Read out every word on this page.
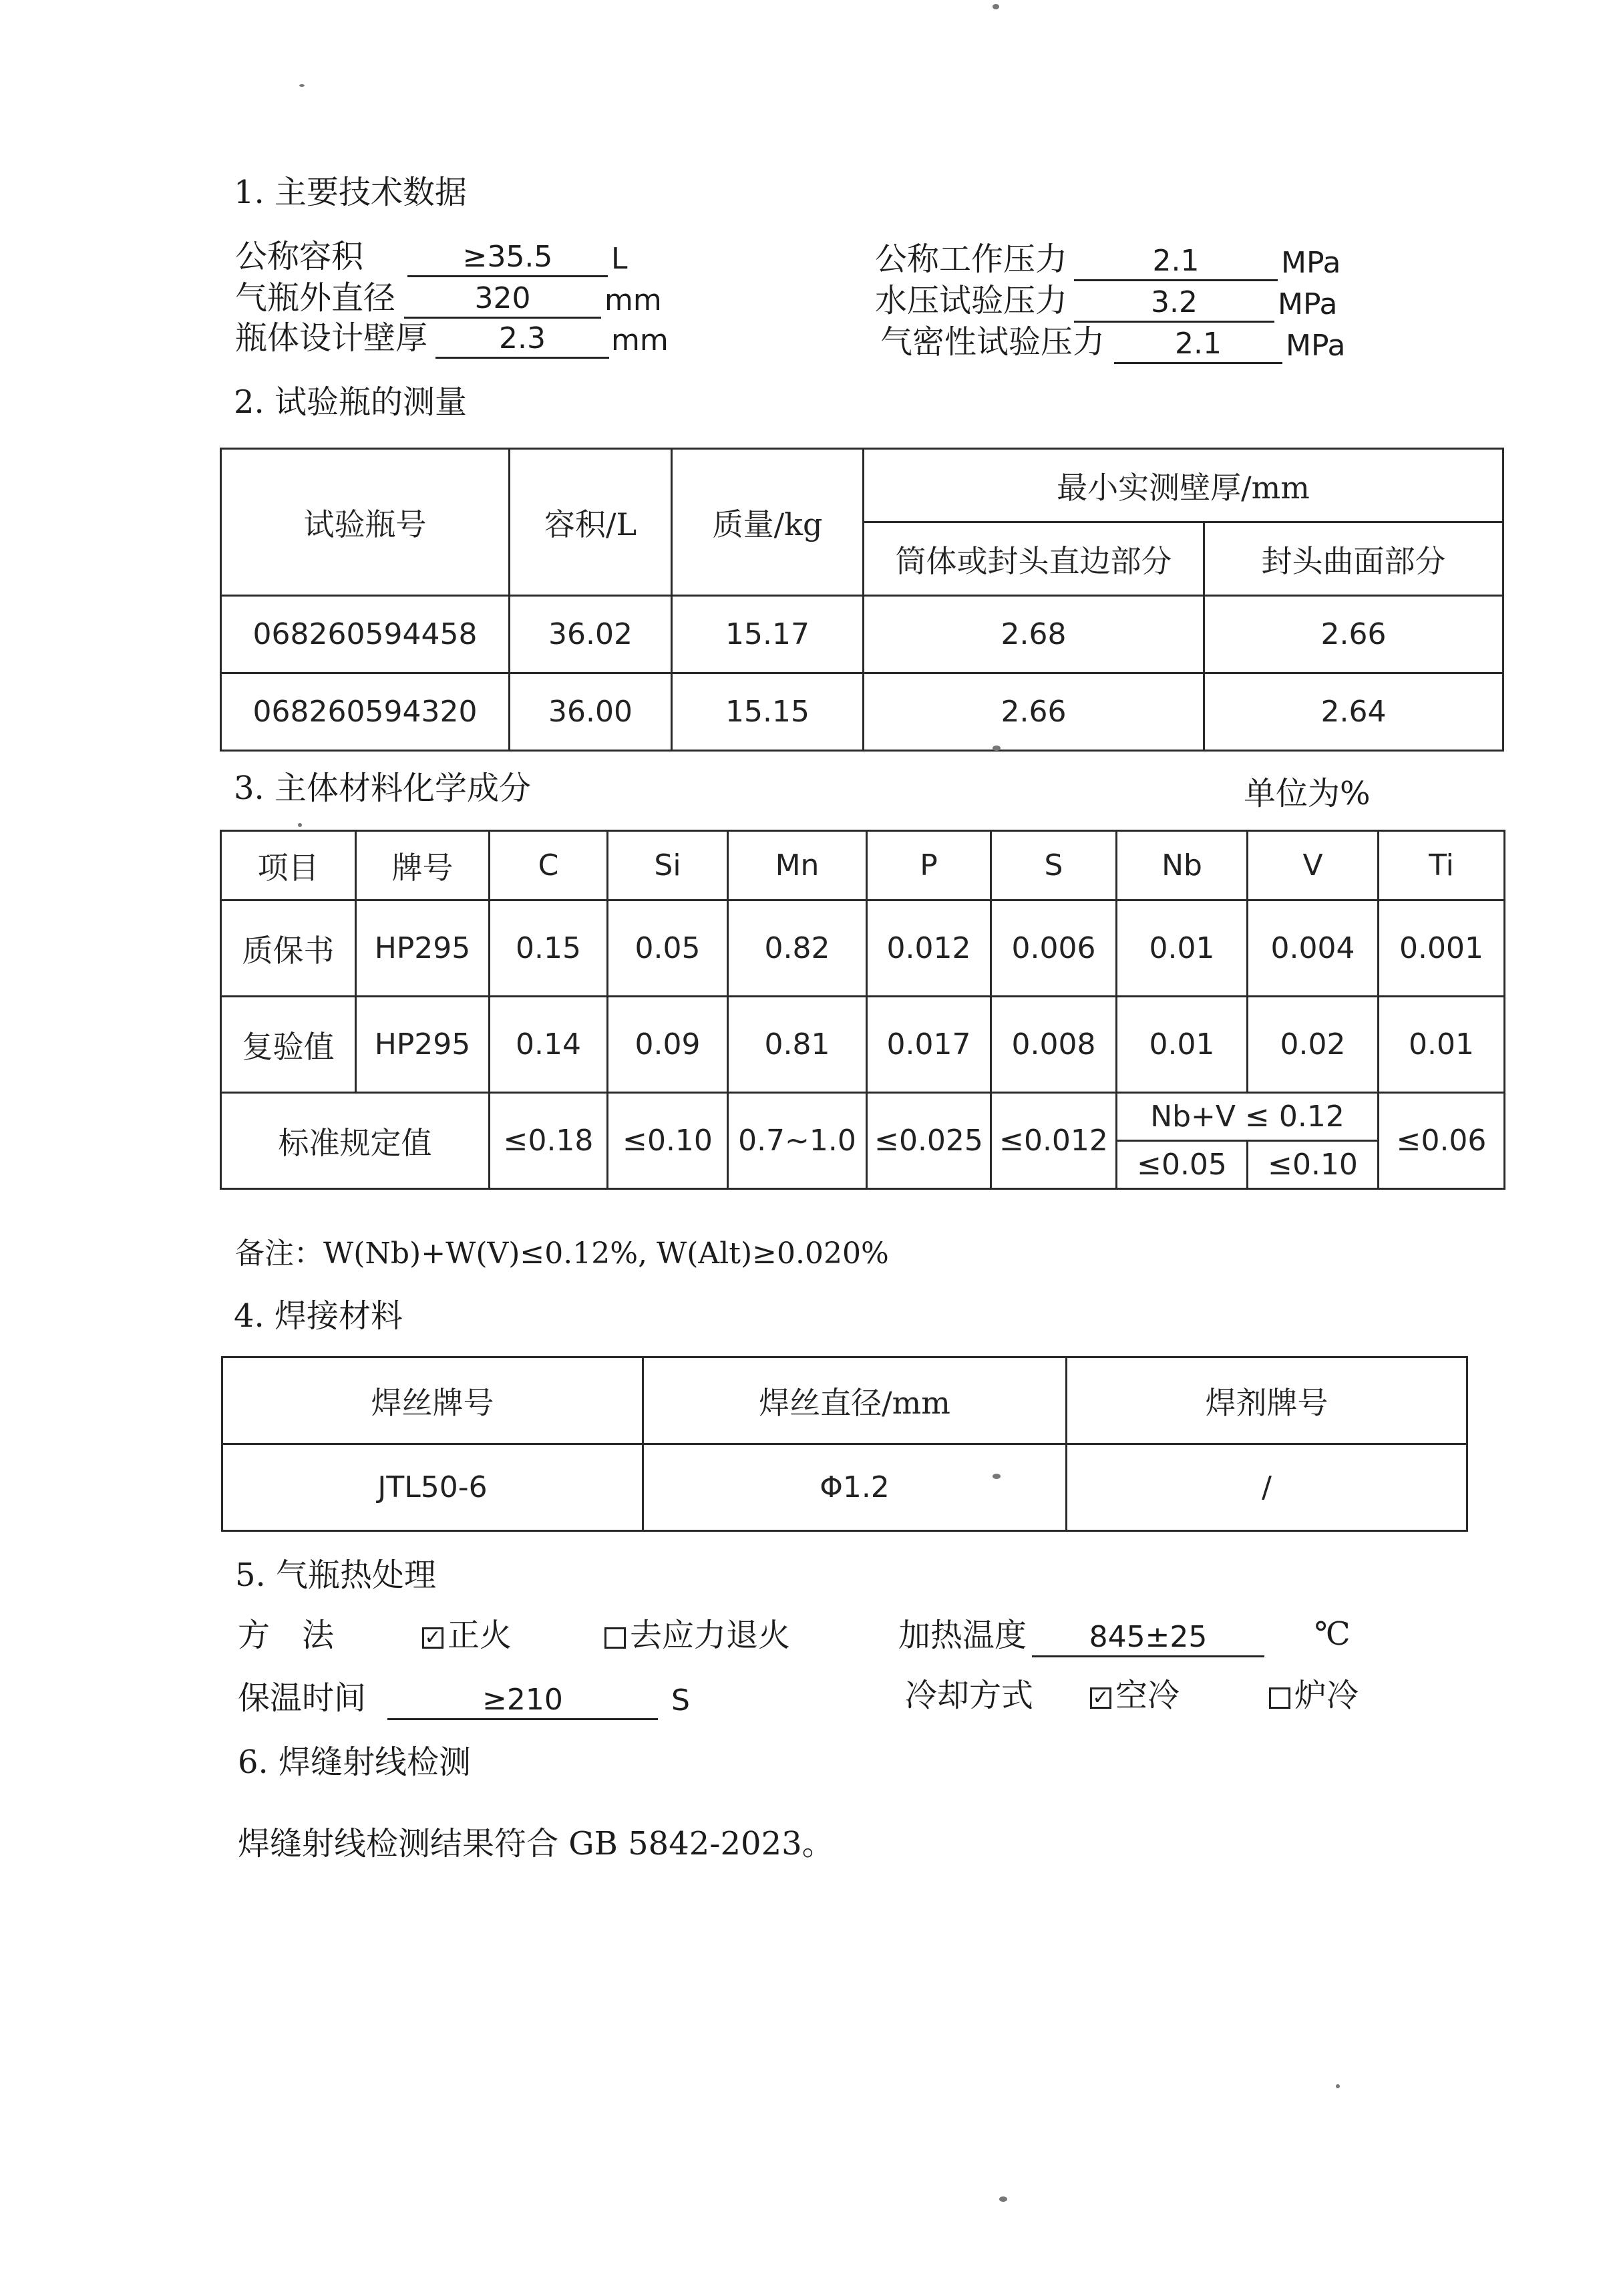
1. 主要技术数据
公称容积	≥35.5	L
气瓶外直径	320	mm
瓶体设计壁厚	2.3	mm
公称工作压力	2.1	MPa
水压试验压力	3.2	MPa
气密性试验压力	2.1	MPa
2. 试验瓶的测量
试验瓶号	容积/L	质量/kg	最小实测壁厚/mm	
			筒体或封头直边部分	封头曲面部分
068260594458	36.02	15.17	2.68	2.66
068260594320	36.00	15.15	2.66	2.64
3. 主体材料化学成分	单位为%
项目	牌号	C	Si	Mn	P	S	Nb	V	Ti
质保书	HP295	0.15	0.05	0.82	0.012	0.006	0.01	0.004	0.001
复验值	HP295	0.14	0.09	0.81	0.017	0.008	0.01	0.02	0.01
标准规定值		≤0.18	≤0.10	0.7~1.0	≤0.025	≤0.012	Nb+V ≤ 0.12		≤0.06
							≤0.05	≤0.10	
备注：W(Nb)+W(V)≤0.12%, W(Alt)≥0.020%
4. 焊接材料
焊丝牌号	焊丝直径/mm	焊剂牌号
JTL50-6	Φ1.2	/
5. 气瓶热处理
方　法	✓ 正火	去应力退火	加热温度	845±25	℃
保温时间	≥210	S	冷却方式	✓ 空冷	炉冷
6. 焊缝射线检测
焊缝射线检测结果符合 GB 5842-2023。
